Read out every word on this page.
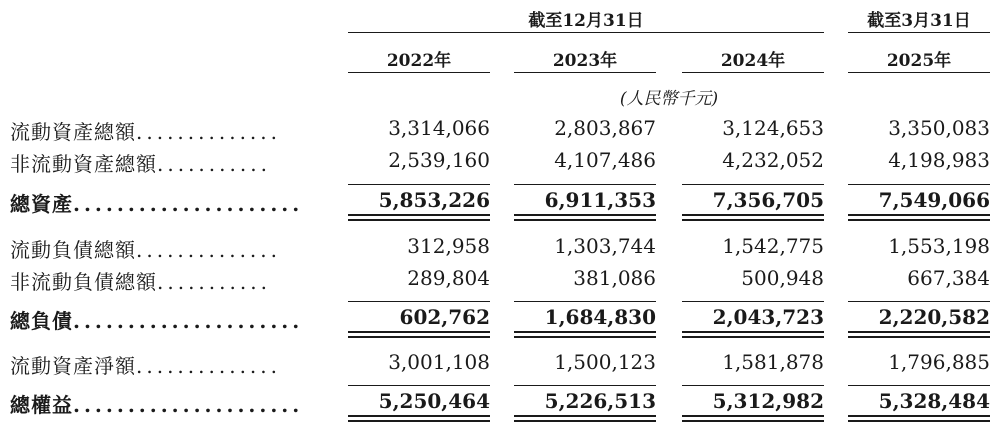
截至12月31日	截至3月31日
2022年	2023年	2024年	2025年
(人民幣千元)
流動資產總額..............	3,314,066	2,803,867	3,124,653	3,350,083
非流動資產總額...........	2,539,160	4,107,486	4,232,052	4,198,983
總資產.....................	5,853,226	6,911,353	7,356,705	7,549,066
流動負債總額..............	312,958	1,303,744	1,542,775	1,553,198
非流動負債總額...........	289,804	381,086	500,948	667,384
總負債.....................	602,762	1,684,830	2,043,723	2,220,582
流動資產淨額..............	3,001,108	1,500,123	1,581,878	1,796,885
總權益.....................	5,250,464	5,226,513	5,312,982	5,328,484
